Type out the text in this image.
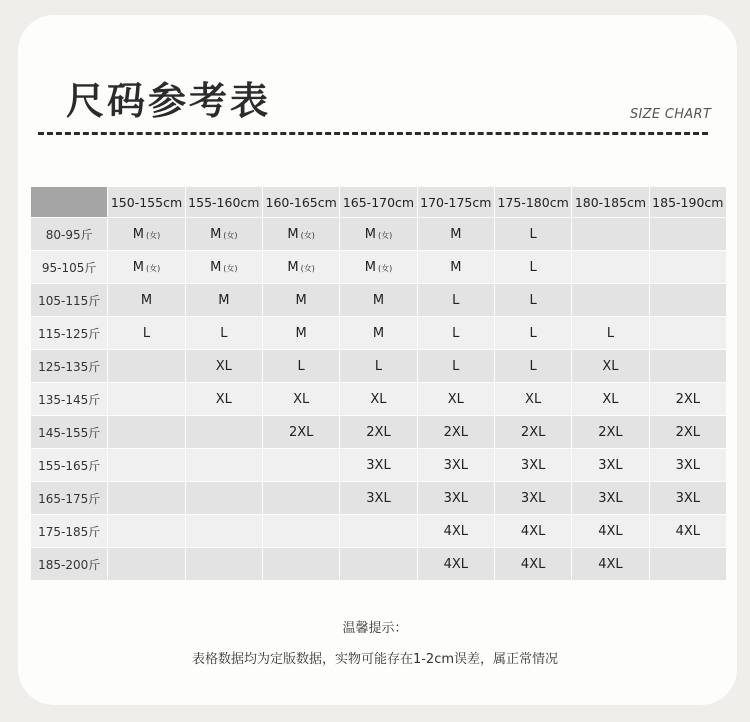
尺码参考表	SIZE CHART
	150-155cm	155-160cm	160-165cm	165-170cm	170-175cm	175-180cm	180-185cm	185-190cm
80-95斤	M (女)	M (女)	M (女)	M (女)	M	L		
95-105斤	M (女)	M (女)	M (女)	M (女)	M	L		
105-115斤	M	M	M	M	L	L		
115-125斤	L	L	M	M	L	L	L	
125-135斤		XL	L	L	L	L	XL	
135-145斤		XL	XL	XL	XL	XL	XL	2XL
145-155斤			2XL	2XL	2XL	2XL	2XL	2XL
155-165斤				3XL	3XL	3XL	3XL	3XL
165-175斤				3XL	3XL	3XL	3XL	3XL
175-185斤					4XL	4XL	4XL	4XL
185-200斤					4XL	4XL	4XL	
温馨提示：
表格数据均为定版数据，实物可能存在1-2cm误差，属正常情况
